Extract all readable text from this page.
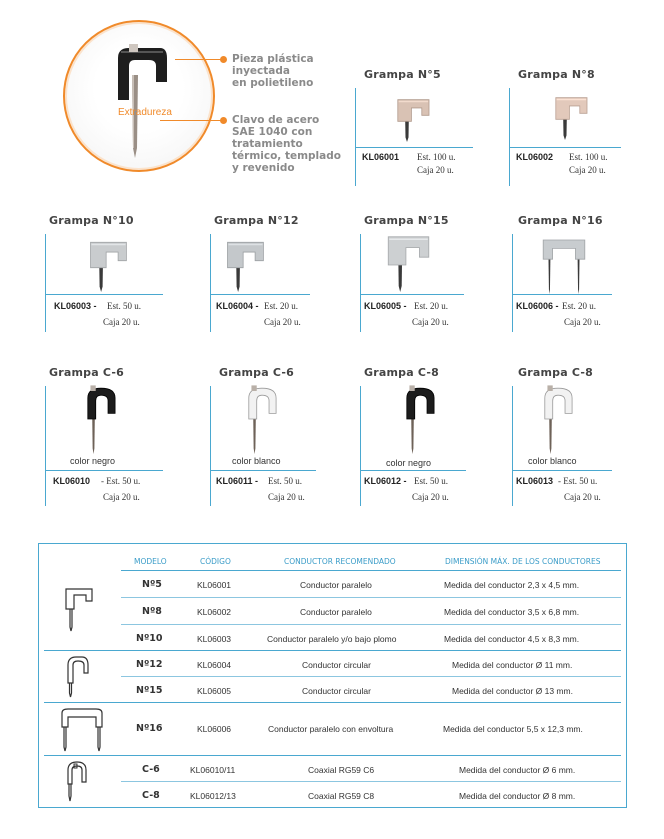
Extradureza
Pieza plástica
inyectada
en polietileno
Clavo de acero
SAE 1040 con
tratamiento
térmico, templado
y revenido
Grampa N°5
KL06001 Est. 100 u.
Caja 20 u.
Grampa N°8
KL06002 Est. 100 u.
Caja 20 u.
Grampa N°10
KL06003 - Est. 50 u.
Caja 20 u.
Grampa N°12
KL06004 - Est. 20 u.
Caja 20 u.
Grampa N°15
KL06005 - Est. 20 u.
Caja 20 u.
Grampa N°16
KL06006 - Est. 20 u.
Caja 20 u.
Grampa C-6
color negro
KL06010 - Est. 50 u.
Caja 20 u.
Grampa C-6
color blanco
KL06011 - Est. 50 u.
Caja 20 u.
Grampa C-8
color negro
KL06012 - Est. 50 u.
Caja 20 u.
Grampa C-8
color blanco
KL06013 - Est. 50 u.
Caja 20 u.
MODELO	CÓDIGO	CONDUCTOR RECOMENDADO	DIMENSIÓN MÁX. DE LOS CONDUCTORES
Nº5	KL06001	Conductor paralelo	Medida del conductor 2,3 x 4,5 mm.
Nº8	KL06002	Conductor paralelo	Medida del conductor 3,5 x 6,8 mm.
Nº10	KL06003	Conductor paralelo y/o bajo plomo	Medida del conductor 4,5 x 8,3 mm.
Nº12	KL06004	Conductor circular	Medida del conductor Ø 11 mm.
Nº15	KL06005	Conductor circular	Medida del conductor Ø 13 mm.
Nº16	KL06006	Conductor paralelo con envoltura	Medida del conductor 5,5 x 12,3 mm.
C-6	KL06010/11	Coaxial RG59 C6	Medida del conductor Ø 6 mm.
C-8	KL06012/13	Coaxial RG59 C8	Medida del conductor Ø 8 mm.
